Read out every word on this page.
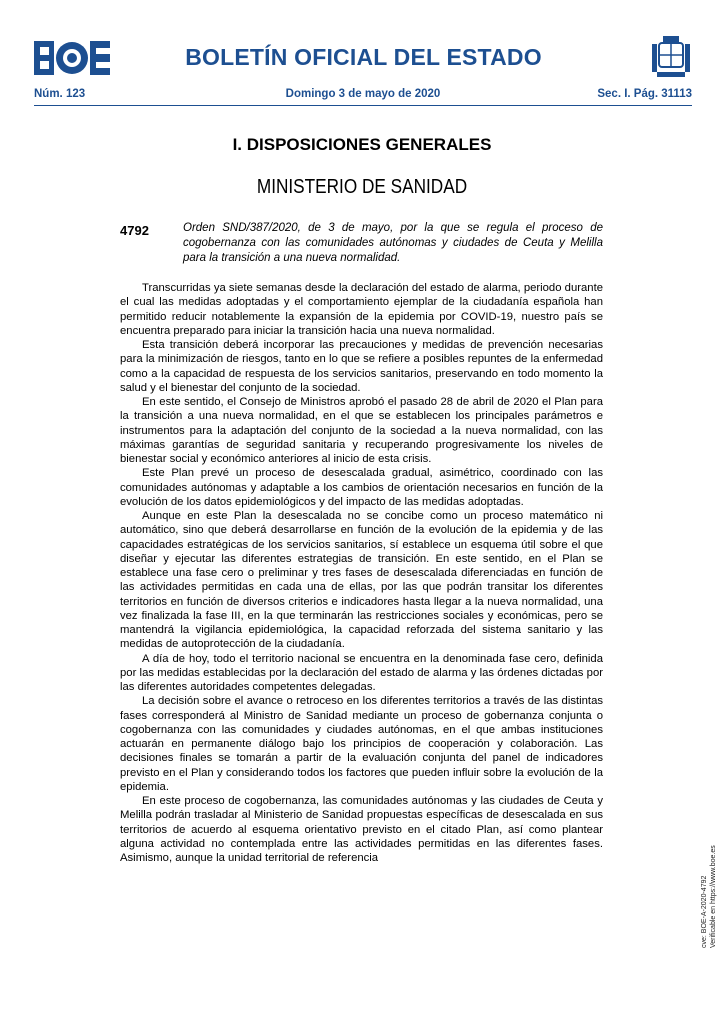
BOLETÍN OFICIAL DEL ESTADO
Núm. 123	Domingo 3 de mayo de 2020	Sec. I. Pág. 31113
I. DISPOSICIONES GENERALES
MINISTERIO DE SANIDAD
4792	Orden SND/387/2020, de 3 de mayo, por la que se regula el proceso de cogobernanza con las comunidades autónomas y ciudades de Ceuta y Melilla para la transición a una nueva normalidad.

Transcurridas ya siete semanas desde la declaración del estado de alarma, periodo durante el cual las medidas adoptadas y el comportamiento ejemplar de la ciudadanía española han permitido reducir notablemente la expansión de la epidemia por COVID-19, nuestro país se encuentra preparado para iniciar la transición hacia una nueva normalidad.

Esta transición deberá incorporar las precauciones y medidas de prevención necesarias para la minimización de riesgos, tanto en lo que se refiere a posibles repuntes de la enfermedad como a la capacidad de respuesta de los servicios sanitarios, preservando en todo momento la salud y el bienestar del conjunto de la sociedad.

En este sentido, el Consejo de Ministros aprobó el pasado 28 de abril de 2020 el Plan para la transición a una nueva normalidad, en el que se establecen los principales parámetros e instrumentos para la adaptación del conjunto de la sociedad a la nueva normalidad, con las máximas garantías de seguridad sanitaria y recuperando progresivamente los niveles de bienestar social y económico anteriores al inicio de esta crisis.

Este Plan prevé un proceso de desescalada gradual, asimétrico, coordinado con las comunidades autónomas y adaptable a los cambios de orientación necesarios en función de la evolución de los datos epidemiológicos y del impacto de las medidas adoptadas.

Aunque en este Plan la desescalada no se concibe como un proceso matemático ni automático, sino que deberá desarrollarse en función de la evolución de la epidemia y de las capacidades estratégicas de los servicios sanitarios, sí establece un esquema útil sobre el que diseñar y ejecutar las diferentes estrategias de transición. En este sentido, en el Plan se establece una fase cero o preliminar y tres fases de desescalada diferenciadas en función de las actividades permitidas en cada una de ellas, por las que podrán transitar los diferentes territorios en función de diversos criterios e indicadores hasta llegar a la nueva normalidad, una vez finalizada la fase III, en la que terminarán las restricciones sociales y económicas, pero se mantendrá la vigilancia epidemiológica, la capacidad reforzada del sistema sanitario y las medidas de autoprotección de la ciudadanía.

A día de hoy, todo el territorio nacional se encuentra en la denominada fase cero, definida por las medidas establecidas por la declaración del estado de alarma y las órdenes dictadas por las diferentes autoridades competentes delegadas.

La decisión sobre el avance o retroceso en los diferentes territorios a través de las distintas fases corresponderá al Ministro de Sanidad mediante un proceso de gobernanza conjunta o cogobernanza con las comunidades y ciudades autónomas, en el que ambas instituciones actuarán en permanente diálogo bajo los principios de cooperación y colaboración. Las decisiones finales se tomarán a partir de la evaluación conjunta del panel de indicadores previsto en el Plan y considerando todos los factores que pueden influir sobre la evolución de la epidemia.

En este proceso de cogobernanza, las comunidades autónomas y las ciudades de Ceuta y Melilla podrán trasladar al Ministerio de Sanidad propuestas específicas de desescalada en sus territorios de acuerdo al esquema orientativo previsto en el citado Plan, así como plantear alguna actividad no contemplada entre las actividades permitidas en las diferentes fases. Asimismo, aunque la unidad territorial de referencia

cve: BOE-A-2020-4792 Verificable en https://www.boe.es
